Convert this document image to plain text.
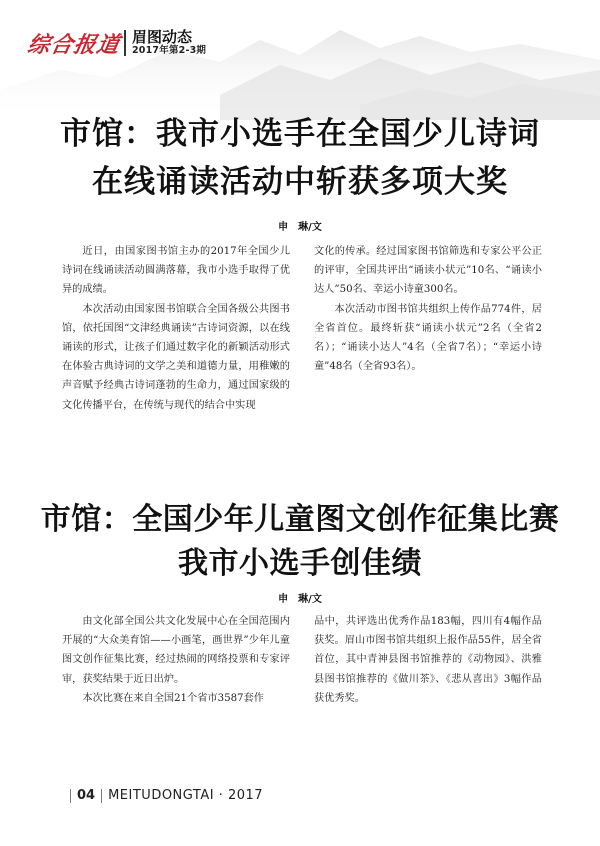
综合报道 眉图动态
2017年第2-3期
市馆：我市小选手在全国少儿诗词
在线诵读活动中斩获多项大奖
申　琳/文

近日，由国家图书馆主办的2017年全国少儿诗词在线诵读活动圆满落幕，我市小选手取得了优异的成绩。

本次活动由国家图书馆联合全国各级公共图书馆，依托国图“文津经典诵读”古诗词资源，以在线诵读的形式，让孩子们通过数字化的新颖活动形式在体验古典诗词的文学之美和道德力量，用稚嫩的声音赋予经典古诗词蓬勃的生命力，通过国家级的文化传播平台，在传统与现代的结合中实现

文化的传承。经过国家图书馆筛选和专家公平公正的评审，全国共评出“诵读小状元”10名、“诵读小达人”50名、幸运小诗童300名。

本次活动市图书馆共组织上传作品774件，居全省首位。最终斩获“诵读小状元”2名（全省2名）；“诵读小达人”4名（全省7名）；“幸运小诗童”48名（全省93名）。

市馆：全国少年儿童图文创作征集比赛
我市小选手创佳绩
申　琳/文

由文化部全国公共文化发展中心在全国范围内开展的“大众美育馆——小画笔，画世界”少年儿童图文创作征集比赛，经过热闹的网络投票和专家评审，获奖结果于近日出炉。

本次比赛在来自全国21个省市3587套作

品中，共评选出优秀作品183幅，四川有4幅作品获奖。眉山市图书馆共组织上报作品55件，居全省首位，其中青神县图书馆推荐的《动物园》、洪雅县图书馆推荐的《做川茶》、《悲从喜出》3幅作品获优秀奖。

04 MEITUDONGTAI · 2017
